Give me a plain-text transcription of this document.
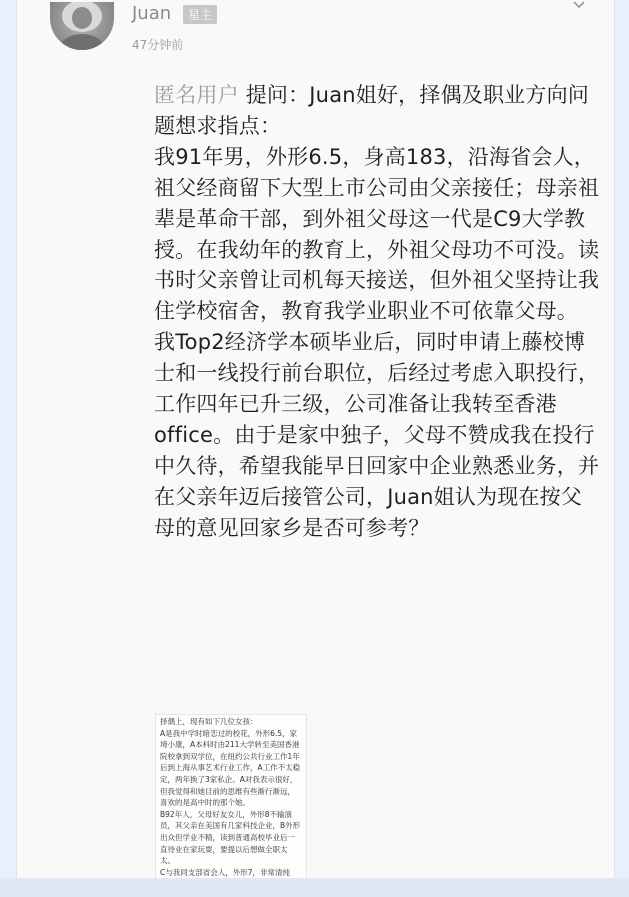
Juan	星主
47分钟前

匿名用户 提问：Juan姐好，择偶及职业方向问题想求指点：

我91年男，外形6.5，身高183，沿海省会人，祖父经商留下大型上市公司由父亲接任；母亲祖辈是革命干部，到外祖父母这一代是C9大学教授。在我幼年的教育上，外祖父母功不可没。读书时父亲曾让司机每天接送，但外祖父坚持让我住学校宿舍，教育我学业职业不可依靠父母。

我Top2经济学本硕毕业后，同时申请上藤校博士和一线投行前台职位，后经过考虑入职投行，工作四年已升三级，公司准备让我转至香港office。由于是家中独子，父母不赞成我在投行中久待，希望我能早日回家中企业熟悉业务，并在父亲年迈后接管公司，Juan姐认为现在按父母的意见回家乡是否可参考？

择偶上，现有如下几位女孩：
A是我中学时暗恋过的校花，外形6.5，家境小康，A本科时由211大学转至美国香港院校拿到双学位，在纽约公共行业工作1年后到上海从事艺术行业工作，A工作不太稳定，两年换了3家私企。A对我表示很好，但我觉得和她目前的思维有些渐行渐远，喜欢的是高中时的那个她。
B92年人，父母好友女儿，外形8不输演员，其父亲在美国有几家科技企业，B外形出众但学业不精，读到普通高校毕业后一直待业在家玩耍，要提以后想做全职太太。
C与我同支部省会人，外形7，非常清纯
